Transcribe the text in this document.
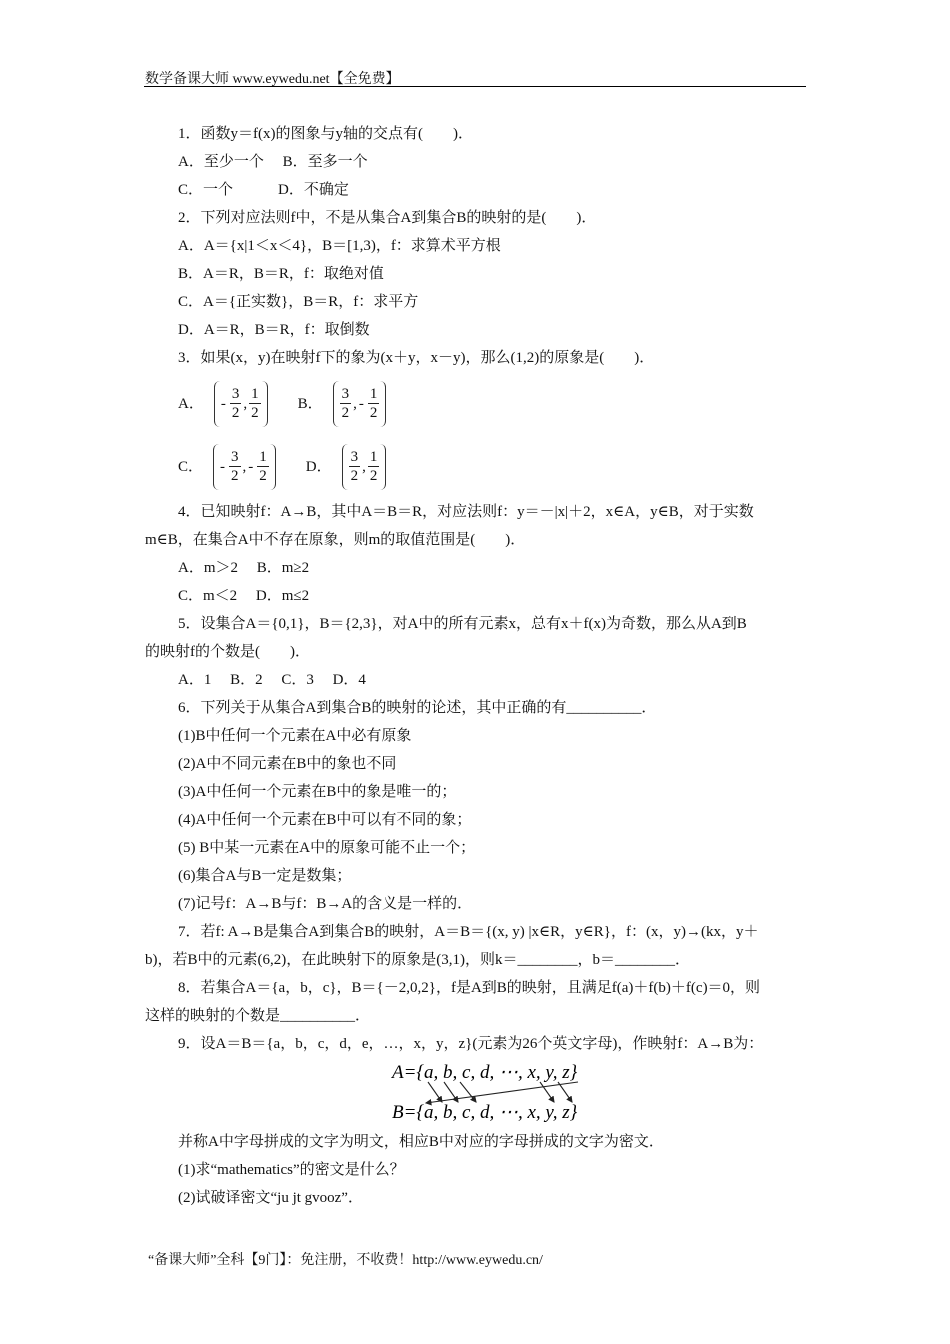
数学备课大师 www.eywedu.net【全免费】
1．函数y＝f(x)的图象与y轴的交点有(　　)．
A．至少一个　 B．至多一个
C．一个　　　D．不确定
2．下列对应法则f中，不是从集合A到集合B的映射的是(　　)．
A．A＝{x|1＜x＜4}，B＝[1,3)，f：求算术平方根
B．A＝R，B＝R，f：取绝对值
C．A＝{正实数}，B＝R，f：求平方
D．A＝R，B＝R，f：取倒数
3．如果(x，y)在映射f下的象为(x＋y，x－y)，那么(1,2)的原象是(　　)．
A． - $\frac{3}{2}$ , $\frac{1}{2}$ B． $\frac{3}{2}$ , - $\frac{1}{2}$
C． - $\frac{3}{2}$ , - $\frac{1}{2}$ D． $\frac{3}{2}$ , $\frac{1}{2}$
4．已知映射f：A→B，其中A＝B＝R，对应法则f：y＝－|x|＋2，x∈A，y∈B，对于实数
m∈B，在集合A中不存在原象，则m的取值范围是(　　)．
A．m＞2　 B．m≥2
C．m＜2　 D．m≤2
5．设集合A＝{0,1}，B＝{2,3}，对A中的所有元素x，总有x＋f(x)为奇数，那么从A到B
的映射f的个数是(　　)．
A．1　 B．2　 C．3　 D．4
6．下列关于从集合A到集合B的映射的论述，其中正确的有__________．
(1)B中任何一个元素在A中必有原象
(2)A中不同元素在B中的象也不同
(3)A中任何一个元素在B中的象是唯一的；
(4)A中任何一个元素在B中可以有不同的象；
(5) B中某一元素在A中的原象可能不止一个；
(6)集合A与B一定是数集；
(7)记号f：A→B与f：B→A的含义是一样的．
7．若f: A→B是集合A到集合B的映射，A＝B＝{(x, y) |x∈R，y∈R}，f：(x，y)→(kx，y＋
b)，若B中的元素(6,2)，在此映射下的原象是(3,1)，则k＝________，b＝________．
8．若集合A＝{a，b，c}，B＝{－2,0,2}，f是A到B的映射，且满足f(a)＋f(b)＋f(c)＝0，则
这样的映射的个数是__________．
9．设A＝B＝{a，b，c，d，e，…，x，y，z}(元素为26个英文字母)，作映射f：A→B为：
A={a, b, c, d, ⋯, x, y, z}
B={a, b, c, d, ⋯, x, y, z}
并称A中字母拼成的文字为明文，相应B中对应的字母拼成的文字为密文．
(1)求“mathematics”的密文是什么？
(2)试破译密文“ju jt gvooz”．
“备课大师”全科【9门】：免注册，不收费！http://www.eywedu.cn/
